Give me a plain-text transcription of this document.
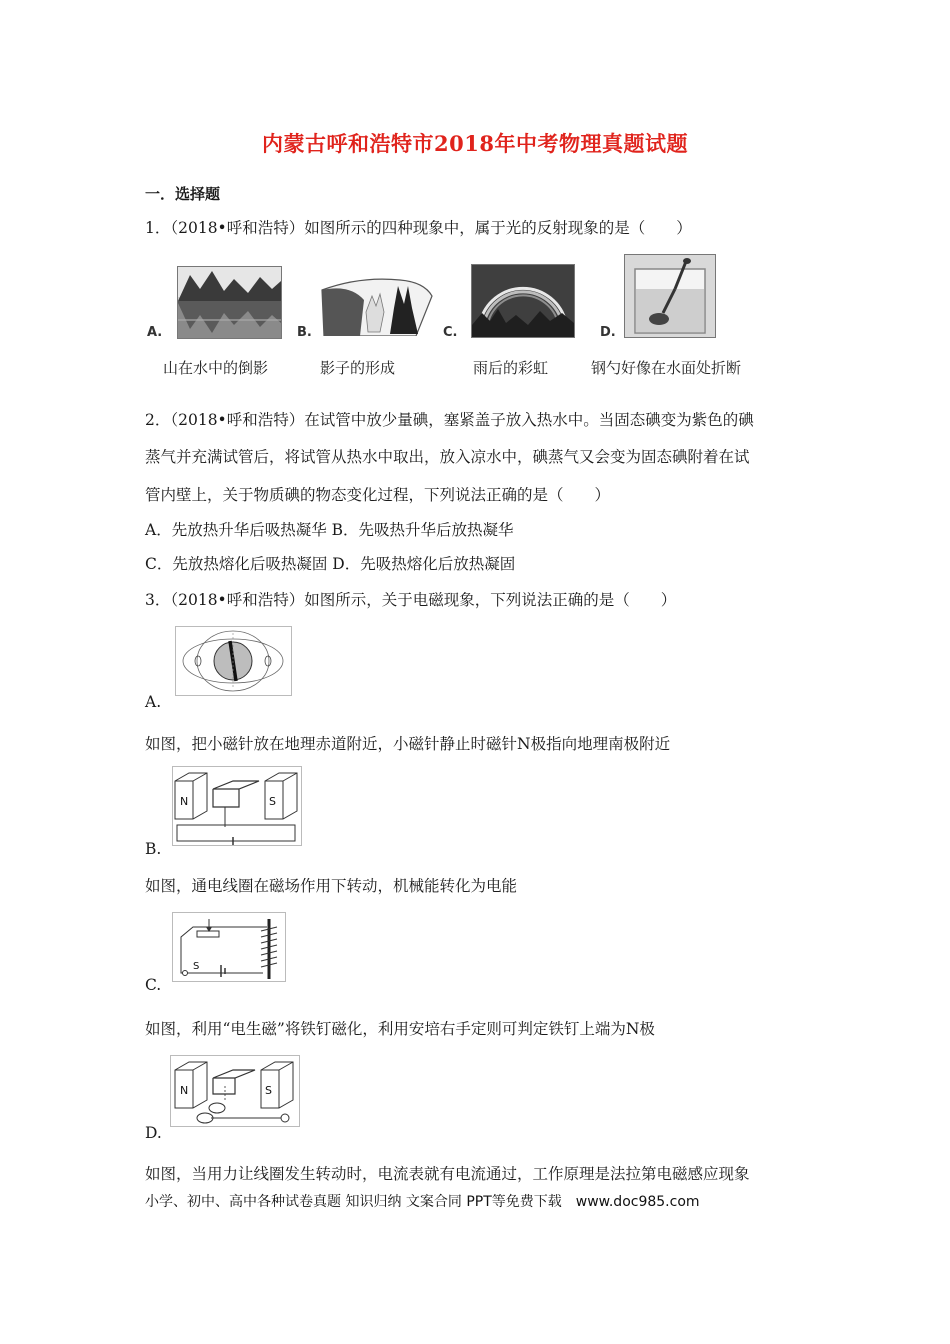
内蒙古呼和浩特市2018年中考物理真题试题
一．选择题
1．（2018•呼和浩特）如图所示的四种现象中，属于光的反射现象的是（　　）
A.
山在水中的倒影
B.
影子的形成
C.
雨后的彩虹
D.
钢勺好像在水面处折断
2．（2018•呼和浩特）在试管中放少量碘，塞紧盖子放入热水中。当固态碘变为紫色的碘
蒸气并充满试管后，将试管从热水中取出，放入凉水中，碘蒸气又会变为固态碘附着在试
管内壁上，关于物质碘的物态变化过程，下列说法正确的是（　　）
A．先放热升华后吸热凝华 B．先吸热升华后放热凝华
C．先放热熔化后吸热凝固 D．先吸热熔化后放热凝固
3．（2018•呼和浩特）如图所示，关于电磁现象，下列说法正确的是（　　）
A.
如图，把小磁针放在地理赤道附近，小磁针静止时磁针N极指向地理南极附近
N	S
B.
如图，通电线圈在磁场作用下转动，机械能转化为电能
S
C.
如图，利用“电生磁”将铁钉磁化，利用安培右手定则可判定铁钉上端为N极
N	S
D.
如图，当用力让线圈发生转动时，电流表就有电流通过，工作原理是法拉第电磁感应现象
小学、初中、高中各种试卷真题 知识归纳 文案合同 PPT等免费下载　www.doc985.com
